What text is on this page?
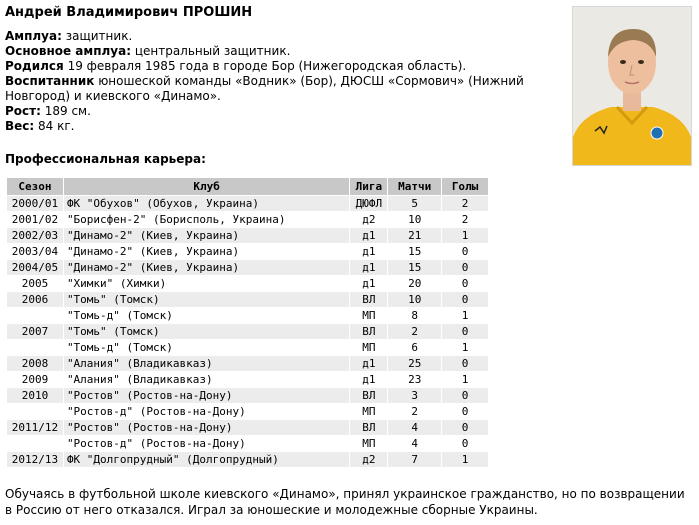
Андрей Владимирович ПРОШИН
Амплуа: защитник.
Основное амплуа: центральный защитник.
Родился 19 февраля 1985 года в городе Бор (Нижегородская область).
Воспитанник юношеской команды «Водник» (Бор), ДЮСШ «Сормович» (Нижний Новгород) и киевского «Динамо».
Рост: 189 см.
Вес: 84 кг.
Профессиональная карьера:
Сезон	Клуб	Лига	Матчи	Голы
2000/01	ФК "Обухов" (Обухов, Украина)	ДЮФЛ	5	2
2001/02	"Борисфен-2" (Борисполь, Украина)	д2	10	2
2002/03	"Динамо-2" (Киев, Украина)	д1	21	1
2003/04	"Динамо-2" (Киев, Украина)	д1	15	0
2004/05	"Динамо-2" (Киев, Украина)	д1	15	0
2005	"Химки" (Химки)	д1	20	0
2006	"Томь" (Томск)	ВЛ	10	0
	"Томь-д" (Томск)	МП	8	1
2007	"Томь" (Томск)	ВЛ	2	0
	"Томь-д" (Томск)	МП	6	1
2008	"Алания" (Владикавказ)	д1	25	0
2009	"Алания" (Владикавказ)	д1	23	1
2010	"Ростов" (Ростов-на-Дону)	ВЛ	3	0
	"Ростов-д" (Ростов-на-Дону)	МП	2	0
2011/12	"Ростов" (Ростов-на-Дону)	ВЛ	4	0
	"Ростов-д" (Ростов-на-Дону)	МП	4	0
2012/13	ФК "Долгопрудный" (Долгопрудный)	д2	7	1
Обучаясь в футбольной школе киевского «Динамо», принял украинское гражданство, но по возвращении в Россию от него отказался. Играл за юношеские и молодежные сборные Украины.
